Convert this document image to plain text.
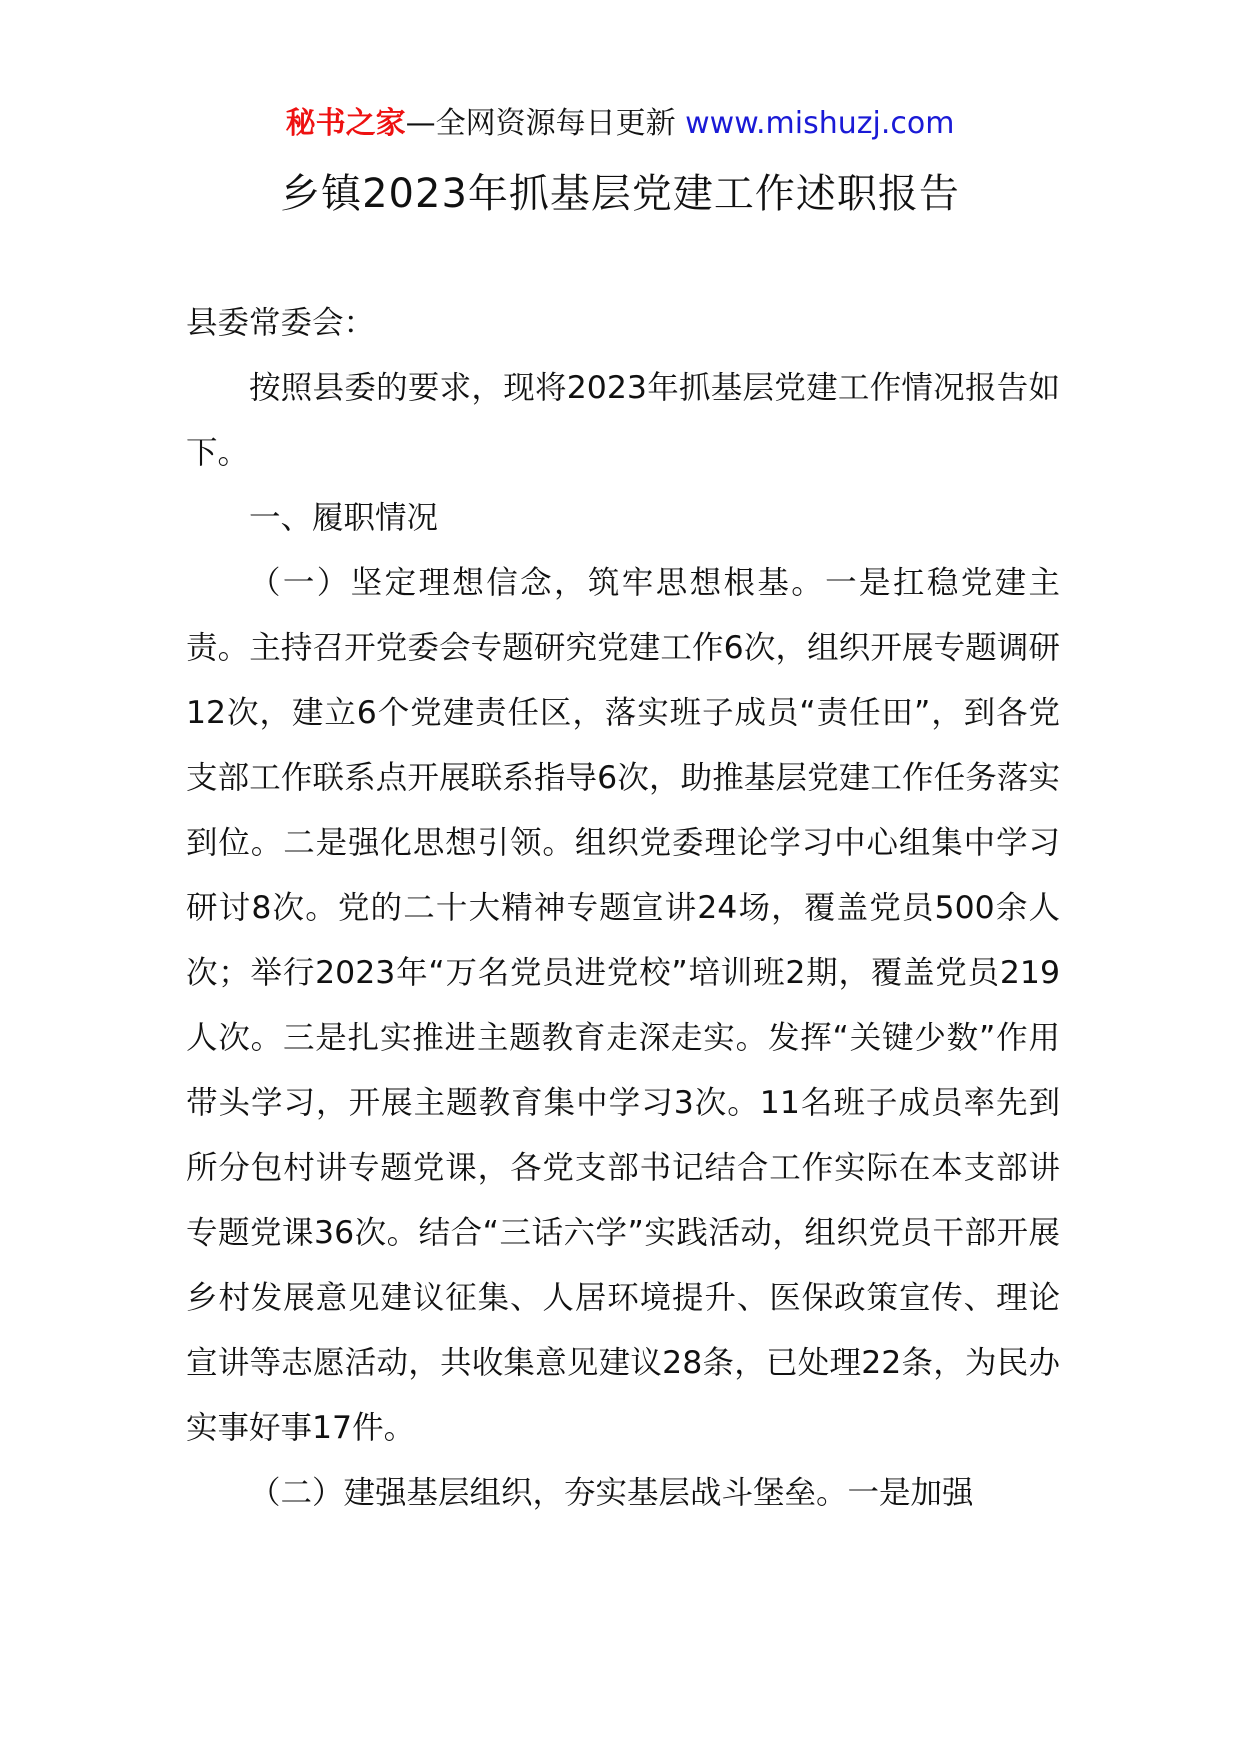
秘书之家—全网资源每日更新 www.mishuzj.com
乡镇2023年抓基层党建工作述职报告

县委常委会：

按照县委的要求，现将2023年抓基层党建工作情况报告如下。

一、履职情况

（一）坚定理想信念，筑牢思想根基。一是扛稳党建主责。主持召开党委会专题研究党建工作6次，组织开展专题调研12次，建立6个党建责任区，落实班子成员“责任田”，到各党支部工作联系点开展联系指导6次，助推基层党建工作任务落实到位。二是强化思想引领。组织党委理论学习中心组集中学习研讨8次。党的二十大精神专题宣讲24场，覆盖党员500余人次；举行2023年“万名党员进党校”培训班2期，覆盖党员219人次。三是扎实推进主题教育走深走实。发挥“关键少数”作用带头学习，开展主题教育集中学习3次。11名班子成员率先到所分包村讲专题党课，各党支部书记结合工作实际在本支部讲专题党课36次。结合“三话六学”实践活动，组织党员干部开展乡村发展意见建议征集、人居环境提升、医保政策宣传、理论宣讲等志愿活动，共收集意见建议28条，已处理22条，为民办实事好事17件。

（二）建强基层组织，夯实基层战斗堡垒。一是加强
